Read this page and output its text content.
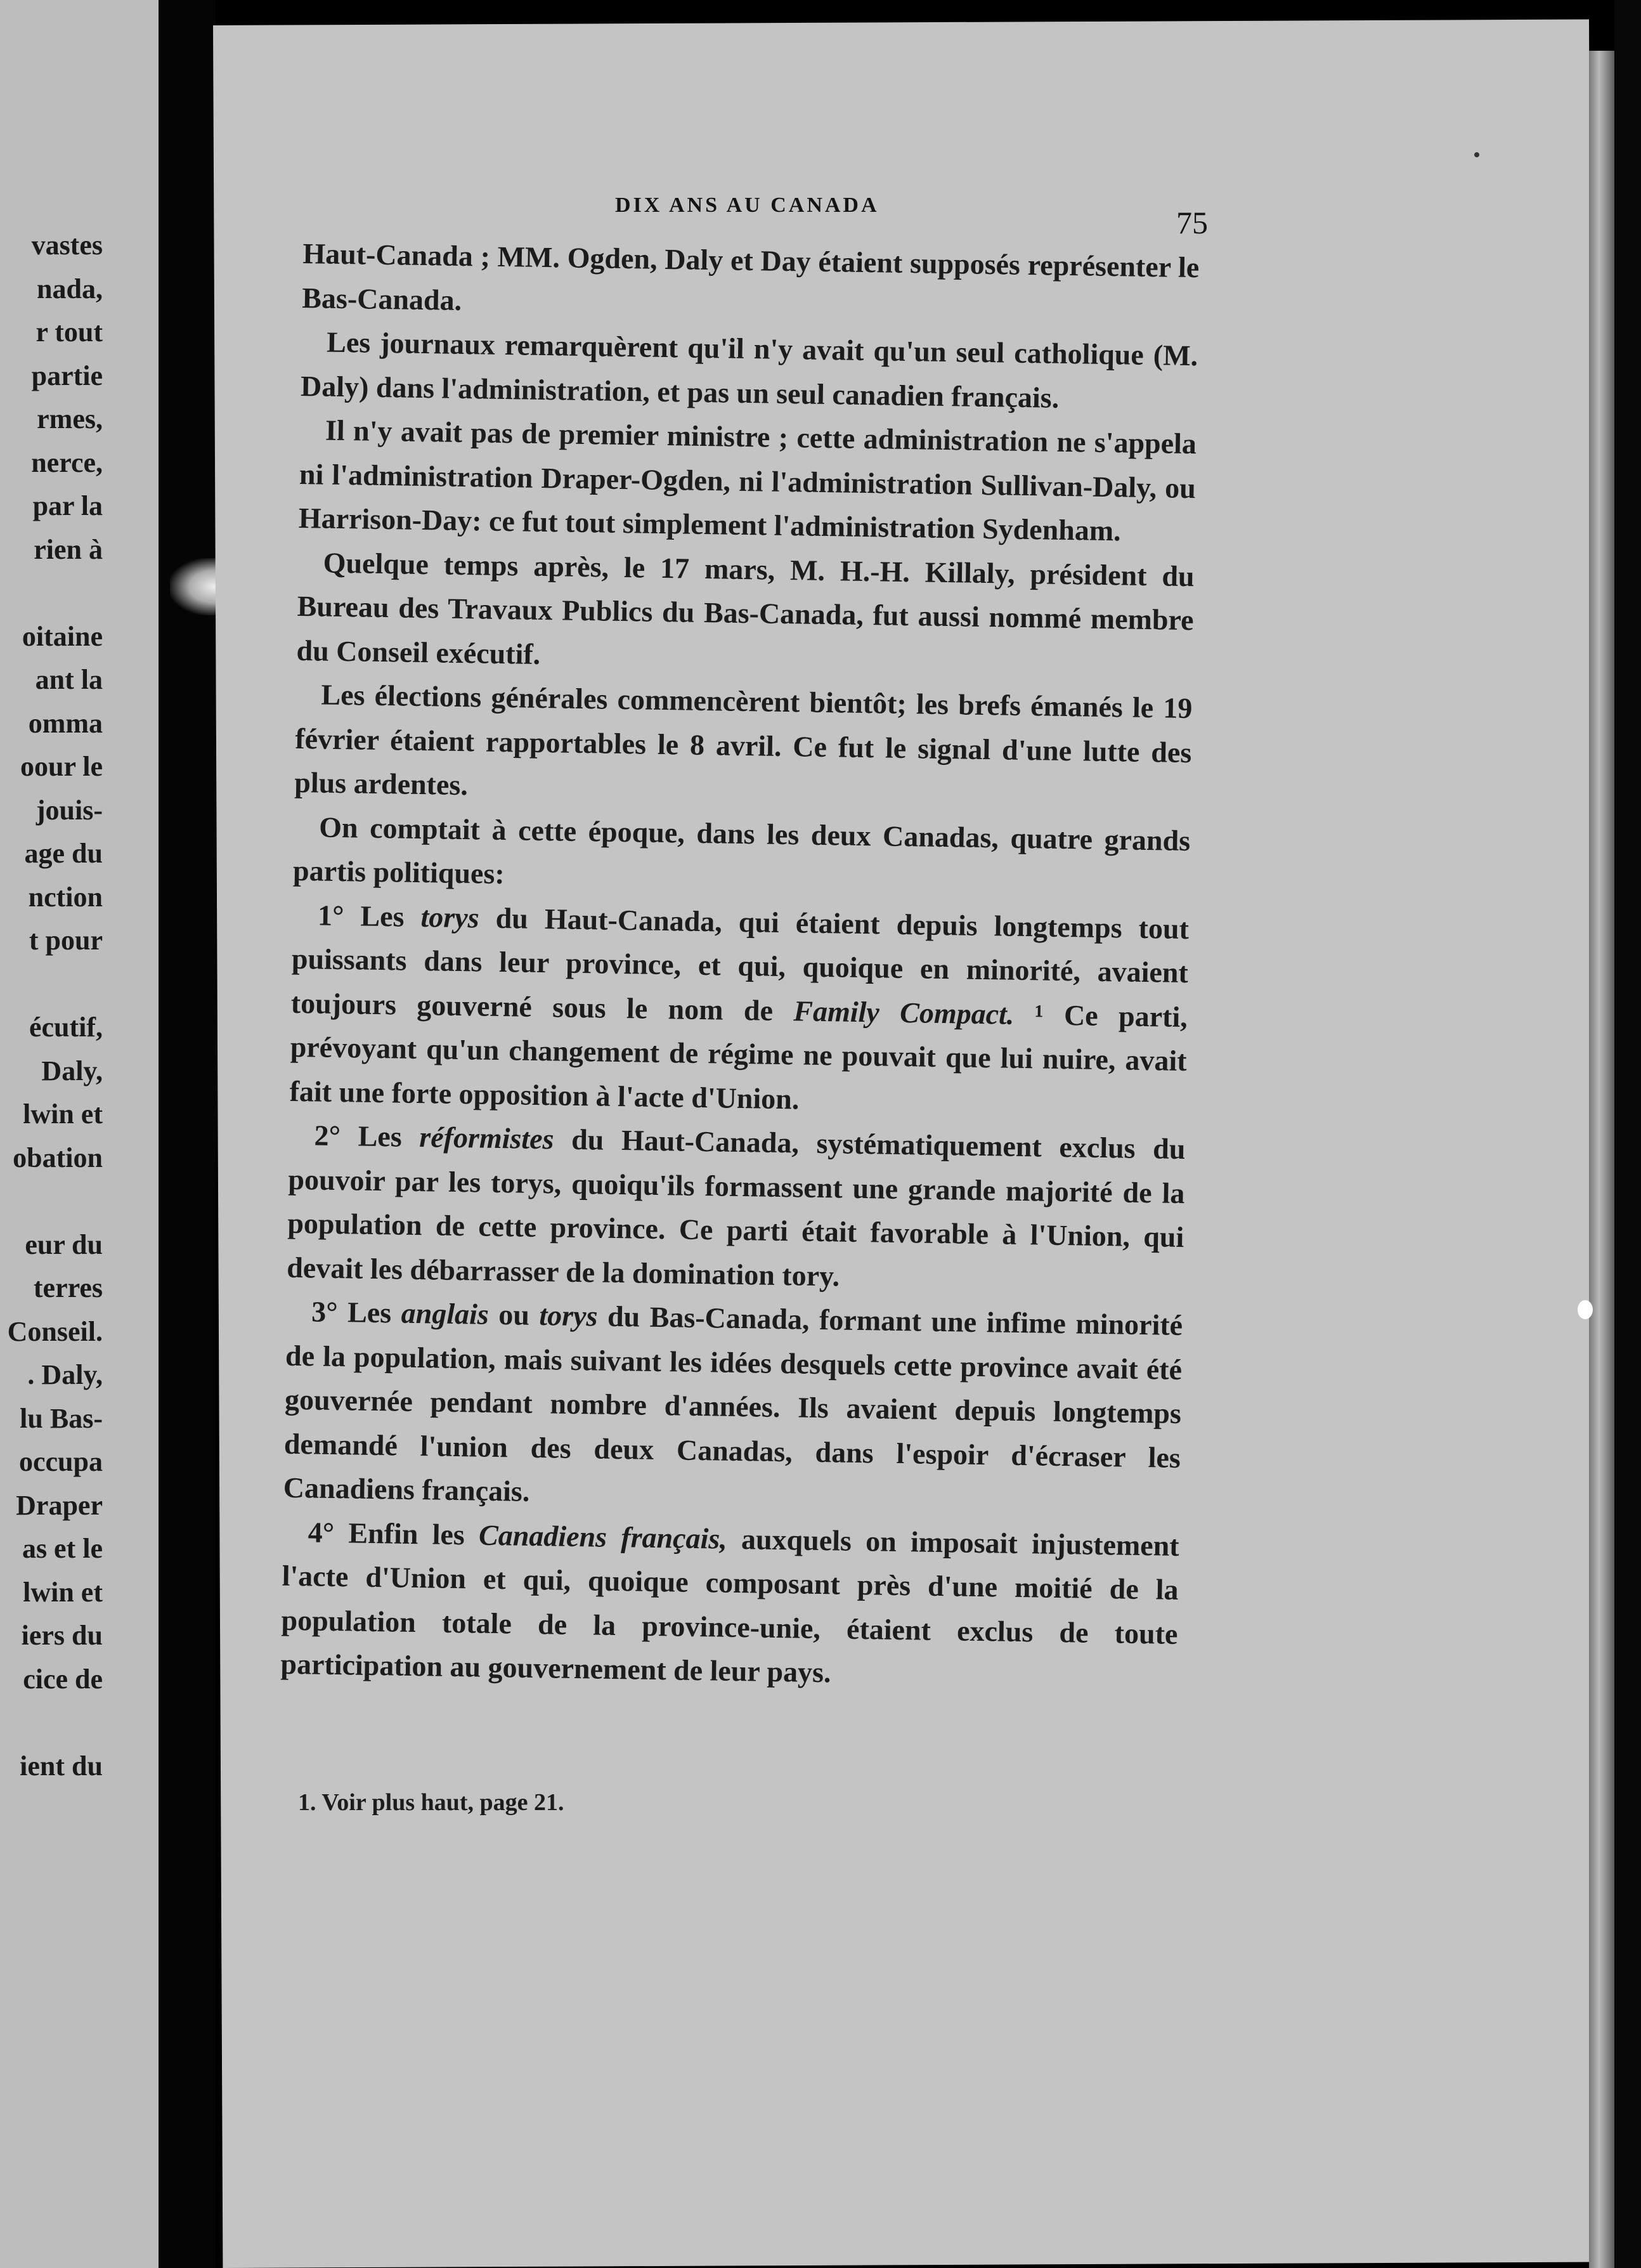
vastes
nada,
r tout
partie
rmes,
nerce,
par la
rien à
oitaine
ant la
omma
oour le
jouis-
age du
nction
t pour
écutif,
Daly,
lwin et
obation
eur du
terres
Conseil.
. Daly,
lu Bas-
occupa
Draper
as et le
lwin et
iers du
cice de
ient du
DIX ANS AU CANADA	75

Haut-Canada ; MM. Ogden, Daly et Day étaient supposés représenter le Bas-Canada.

Les journaux remarquèrent qu'il n'y avait qu'un seul catholique (M. Daly) dans l'administration, et pas un seul canadien français.

Il n'y avait pas de premier ministre ; cette administration ne s'appela ni l'administration Draper-Ogden, ni l'administration Sullivan-Daly, ou Harrison-Day: ce fut tout simplement l'administration Sydenham.

Quelque temps après, le 17 mars, M. H.-H. Killaly, président du Bureau des Travaux Publics du Bas-Canada, fut aussi nommé membre du Conseil exécutif.

Les élections générales commencèrent bientôt; les brefs émanés le 19 février étaient rapportables le 8 avril. Ce fut le signal d'une lutte des plus ardentes.

On comptait à cette époque, dans les deux Canadas, quatre grands partis politiques:

1° Les torys du Haut-Canada, qui étaient depuis longtemps tout puissants dans leur province, et qui, quoique en minorité, avaient toujours gouverné sous le nom de Family Compact. ¹ Ce parti, prévoyant qu'un changement de régime ne pouvait que lui nuire, avait fait une forte opposition à l'acte d'Union.

2° Les réformistes du Haut-Canada, systématiquement exclus du pouvoir par les torys, quoiqu'ils formassent une grande majorité de la population de cette province. Ce parti était favorable à l'Union, qui devait les débarrasser de la domination tory.

3° Les anglais ou torys du Bas-Canada, formant une infime minorité de la population, mais suivant les idées desquels cette province avait été gouvernée pendant nombre d'années. Ils avaient depuis longtemps demandé l'union des deux Canadas, dans l'espoir d'écraser les Canadiens français.

4° Enfin les Canadiens français, auxquels on imposait injustement l'acte d'Union et qui, quoique composant près d'une moitié de la population totale de la province-unie, étaient exclus de toute participation au gouvernement de leur pays.

1. Voir plus haut, page 21.
